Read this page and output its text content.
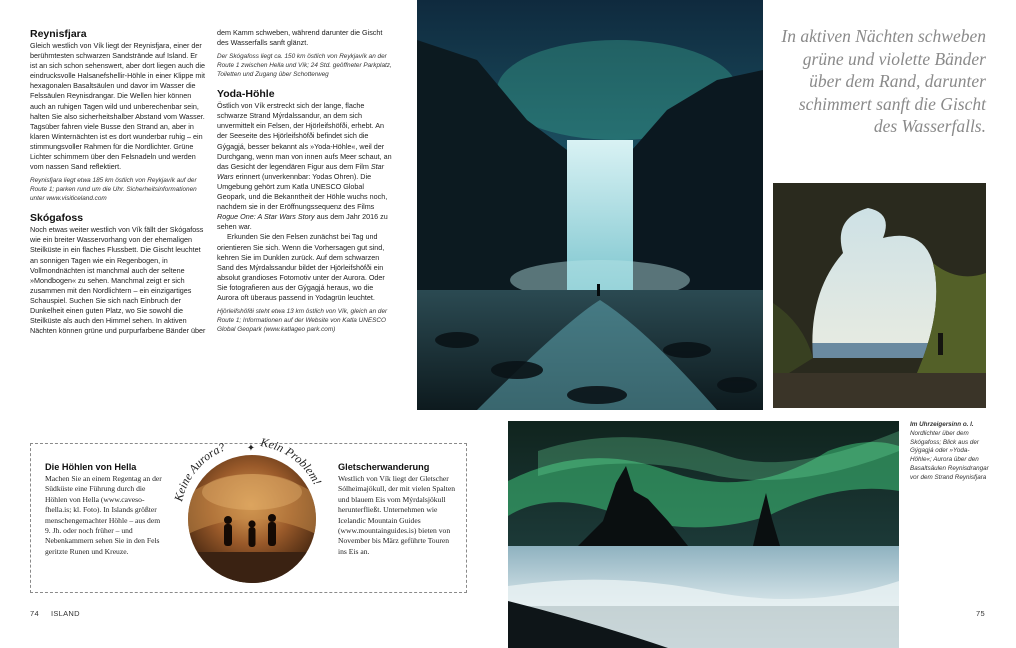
Reynisfjara

Gleich westlich von Vík liegt der Reynisfjara, einer der berühmtesten schwarzen Sandstrände auf Island. Er ist an sich schon sehenswert, aber dort liegen auch die eindrucksvolle Halsanefshellir-Höhle in einer Klippe mit hexagonalen Basaltsäulen und davor im Wasser die Felssäulen Reynisdrangar. Die Wellen hier können auch an ruhigen Tagen wild und unberechenbar sein, halten Sie also sicherheitshalber Abstand vom Wasser. Tagsüber fahren viele Busse den Strand an, aber in klaren Winternächten ist es dort wunderbar ruhig – ein stimmungsvoller Rahmen für die Nordlichter. Grüne Lichter schimmern über den Felsnadeln und werden vom nassen Sand reflektiert.

Reynisfjara liegt etwa 185 km östlich von Reykjavík auf der Route 1; parken rund um die Uhr. Sicherheitsinformationen unter www.visiticeland.com

Skógafoss

Noch etwas weiter westlich von Vík fällt der Skógafoss wie ein breiter Wasservorhang von der ehemaligen Steilküste in ein flaches Flussbett. Die Gischt leuchtet an sonnigen Tagen wie ein Regenbogen, in Vollmondnächten ist manchmal auch der seltene »Mondbogen« zu sehen. Manchmal zeigt er sich zusammen mit den Nordlichtern – ein einzigartiges Schauspiel. Suchen Sie sich nach Einbruch der Dunkelheit einen guten Platz, wo Sie sowohl die Steilküste als auch den Himmel sehen. In aktiven Nächten können grüne und purpurfarbene Bänder über

dem Kamm schweben, während darunter die Gischt des Wasserfalls sanft glänzt.

Der Skógafoss liegt ca. 150 km östlich von Reykjavík an der Route 1 zwischen Hella und Vík; 24 Std. geöffneter Parkplatz, Toiletten und Zugang über Schotterweg

Yoda-Höhle

Östlich von Vík erstreckt sich der lange, flache schwarze Strand Mýrdalssandur, an dem sich unvermittelt ein Felsen, der Hjörleifshöfði, erhebt. An der Seeseite des Hjörleifshöfði befindet sich die Gýgagjá, besser bekannt als »Yoda-Höhle«, weil der Durchgang, wenn man von innen aufs Meer schaut, an das Gesicht der legendären Figur aus dem Film Star Wars erinnert (unverkennbar: Yodas Ohren). Die Umgebung gehört zum Katla UNESCO Global Geopark, und die Bekanntheit der Höhle wuchs noch, nachdem sie in der Eröffnungssequenz des Films Rogue One: A Star Wars Story aus dem Jahr 2016 zu sehen war.

Erkunden Sie den Felsen zunächst bei Tag und orientieren Sie sich. Wenn die Vorhersagen gut sind, kehren Sie im Dunklen zurück. Auf dem schwarzen Sand des Mýrdalssandur bildet der Hjörleifshöfði ein absolut grandioses Fotomotiv unter der Aurora. Oder Sie fotografieren aus der Gýgagjá heraus, wo die Aurora oft überaus passend in Yodagrün leuchtet.

Hjörleifshöfði steht etwa 13 km östlich von Vík, gleich an der Route 1; Informationen auf der Website von Katla UNESCO Global Geopark (www.katlageo park.com)

Die Höhlen von Hella
Machen Sie an einem Regentag an der Südküste eine Führung durch die Höhlen von Hella (www.cavesofhella.is; kl. Foto). In Islands größter menschengemachter Höhle – aus dem 9. Jh. oder noch früher – und Nebenkammern sehen Sie in den Fels geritzte Runen und Kreuze.
Gletscherwanderung
Westlich von Vík liegt der Gletscher Sólheimajökull, der mit vielen Spalten und blauem Eis vom Mýrdalsjökull herunterfließt. Unternehmen wie Icelandic Mountain Guides (www.mountainguides.is) bieten von November bis März geführte Touren ins Eis an.
Keine Aurora? ✦ Kein Problem!
In aktiven Nächten schweben grüne und violette Bänder über dem Rand, darunter schimmert sanft die Gischt des Wasserfalls.
Im Uhrzeigersinn o. l. Nordlichter über dem Skógafoss; Blick aus der Gýgagjá oder »Yoda-Höhle«; Aurora über den Basaltsäulen Reynisdrangar vor dem Strand Reynisfjara
74 ISLAND	75
